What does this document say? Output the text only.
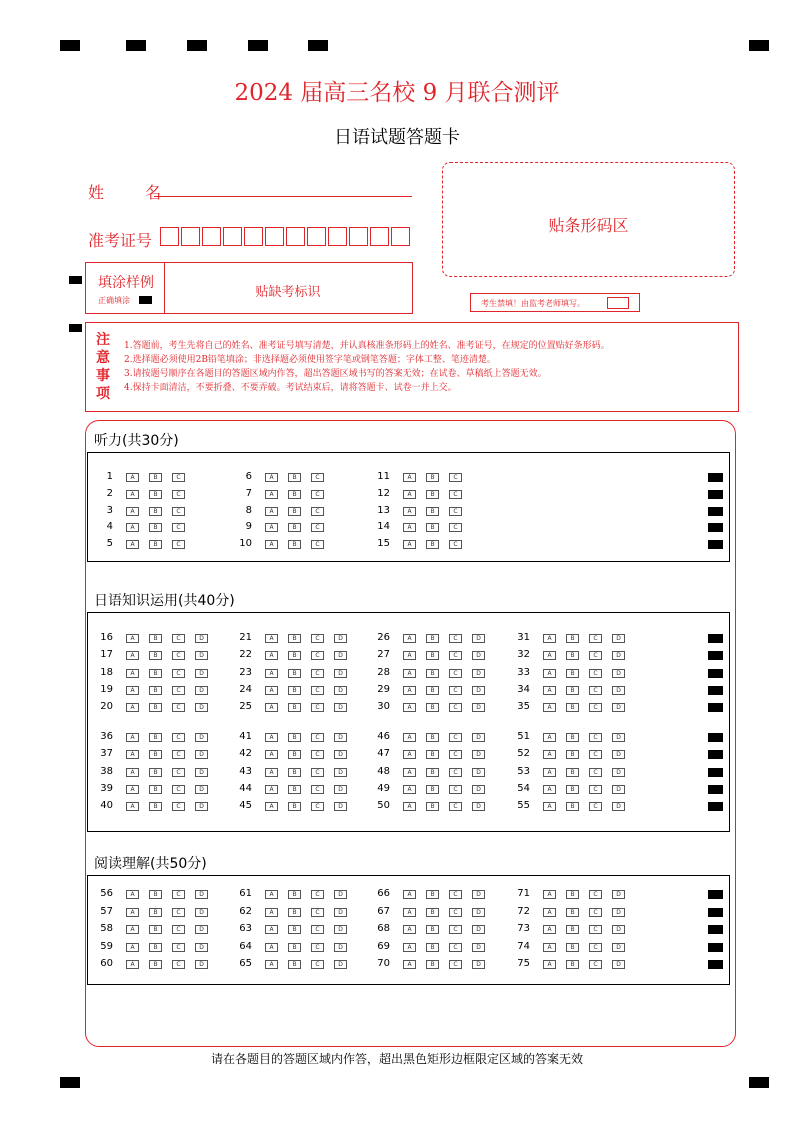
2024 届高三名校 9 月联合测评
日语试题答题卡
姓 名
准考证号
贴条形码区
填涂样例
正确填涂
贴缺考标识
考生禁填！由监考老师填写。
注
意
事
项
1.答题前，考生先将自己的姓名、准考证号填写清楚，并认真核准条形码上的姓名、准考证号，在规定的位置贴好条形码。
2.选择题必须使用2B铅笔填涂；非选择题必须使用签字笔或钢笔答题；字体工整、笔迹清楚。
3.请按题号顺序在各题目的答题区域内作答，超出答题区域书写的答案无效；在试卷、草稿纸上答题无效。
4.保持卡面清洁，不要折叠、不要弄破。考试结束后，请将答题卡、试卷一并上交。
听力(共30分)
1	A	B	C
2	A	B	C
3	A	B	C
4	A	B	C
5	A	B	C
6	A	B	C
7	A	B	C
8	A	B	C
9	A	B	C
10	A	B	C
11	A	B	C
12	A	B	C
13	A	B	C
14	A	B	C
15	A	B	C
日语知识运用(共40分)
16	A	B	C	D
17	A	B	C	D
18	A	B	C	D
19	A	B	C	D
20	A	B	C	D
21	A	B	C	D
22	A	B	C	D
23	A	B	C	D
24	A	B	C	D
25	A	B	C	D
26	A	B	C	D
27	A	B	C	D
28	A	B	C	D
29	A	B	C	D
30	A	B	C	D
31	A	B	C	D
32	A	B	C	D
33	A	B	C	D
34	A	B	C	D
35	A	B	C	D
36	A	B	C	D
37	A	B	C	D
38	A	B	C	D
39	A	B	C	D
40	A	B	C	D
41	A	B	C	D
42	A	B	C	D
43	A	B	C	D
44	A	B	C	D
45	A	B	C	D
46	A	B	C	D
47	A	B	C	D
48	A	B	C	D
49	A	B	C	D
50	A	B	C	D
51	A	B	C	D
52	A	B	C	D
53	A	B	C	D
54	A	B	C	D
55	A	B	C	D
阅读理解(共50分)
56	A	B	C	D
57	A	B	C	D
58	A	B	C	D
59	A	B	C	D
60	A	B	C	D
61	A	B	C	D
62	A	B	C	D
63	A	B	C	D
64	A	B	C	D
65	A	B	C	D
66	A	B	C	D
67	A	B	C	D
68	A	B	C	D
69	A	B	C	D
70	A	B	C	D
71	A	B	C	D
72	A	B	C	D
73	A	B	C	D
74	A	B	C	D
75	A	B	C	D
请在各题目的答题区域内作答，超出黑色矩形边框限定区域的答案无效
